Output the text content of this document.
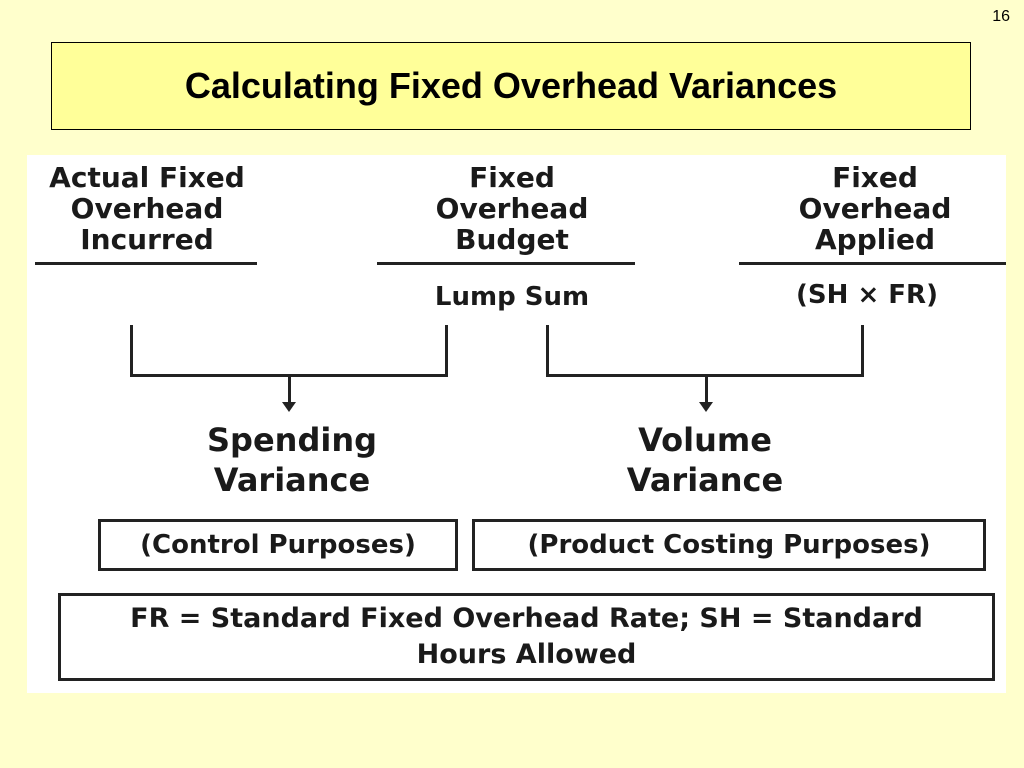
16
Calculating Fixed Overhead Variances
Actual Fixed
Overhead
Incurred
Fixed
Overhead
Budget
Lump Sum
Fixed
Overhead
Applied
(SH × FR)
Spending
Variance
Volume
Variance
(Control Purposes)	(Product Costing Purposes)
FR = Standard Fixed Overhead Rate; SH = Standard Hours Allowed
